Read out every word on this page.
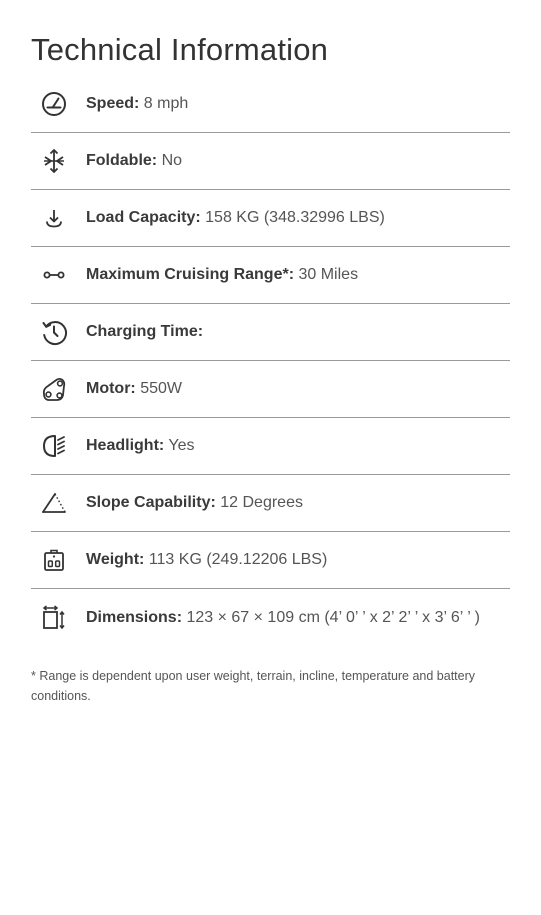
Technical Information
Speed: 8 mph
Foldable: No
Load Capacity: 158 KG (348.32996 LBS)
Maximum Cruising Range*: 30 Miles
Charging Time:
Motor: 550W
Headlight: Yes
Slope Capability: 12 Degrees
Weight: 113 KG (249.12206 LBS)
Dimensions: 123 × 67 × 109 cm (4’ 0’ ’ x 2’ 2’ ’ x 3’ 6’ ’ )

* Range is dependent upon user weight, terrain, incline, temperature and battery conditions.
